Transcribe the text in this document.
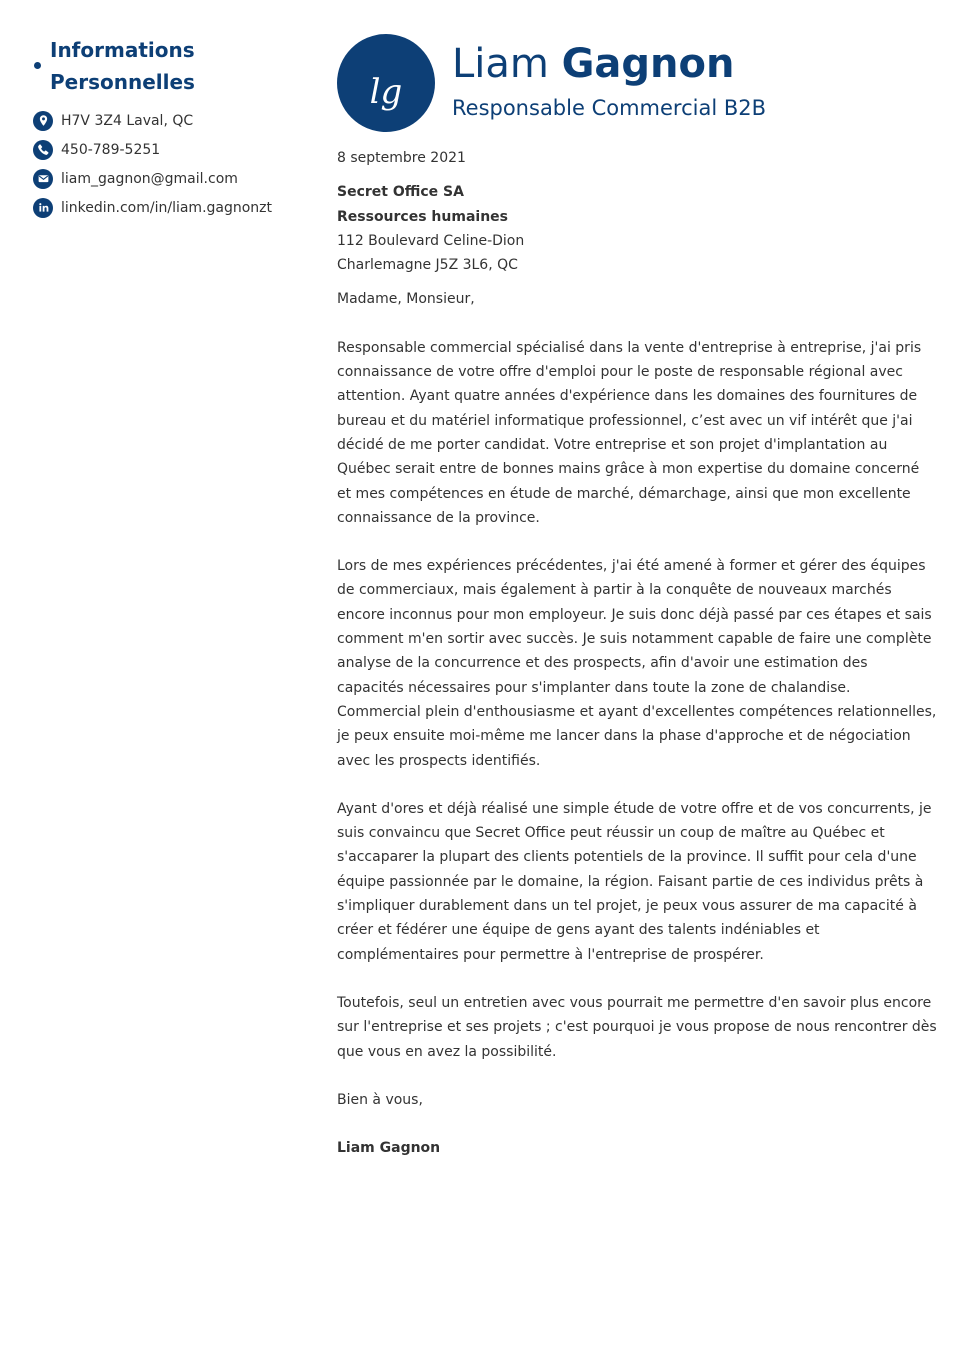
Informations Personnelles
H7V 3Z4 Laval, QC
450-789-5251
liam_gagnon@gmail.com
linkedin.com/in/liam.gagnonzt
lg
Liam Gagnon
Responsable Commercial B2B

8 septembre 2021

Secret Office SA

Ressources humaines

112 Boulevard Celine-Dion

Charlemagne J5Z 3L6, QC

Madame, Monsieur,

Responsable commercial spécialisé dans la vente d'entreprise à entreprise, j'ai pris connaissance de votre offre d'emploi pour le poste de responsable régional avec attention. Ayant quatre années d'expérience dans les domaines des fournitures de bureau et du matériel informatique professionnel, c’est avec un vif intérêt que j'ai décidé de me porter candidat. Votre entreprise et son projet d'implantation au Québec serait entre de bonnes mains grâce à mon expertise du domaine concerné et mes compétences en étude de marché, démarchage, ainsi que mon excellente connaissance de la province.

Lors de mes expériences précédentes, j'ai été amené à former et gérer des équipes de commerciaux, mais également à partir à la conquête de nouveaux marchés encore inconnus pour mon employeur. Je suis donc déjà passé par ces étapes et sais comment m'en sortir avec succès. Je suis notamment capable de faire une complète analyse de la concurrence et des prospects, afin d'avoir une estimation des capacités nécessaires pour s'implanter dans toute la zone de chalandise. Commercial plein d'enthousiasme et ayant d'excellentes compétences relationnelles, je peux ensuite moi-même me lancer dans la phase d'approche et de négociation avec les prospects identifiés.

Ayant d'ores et déjà réalisé une simple étude de votre offre et de vos concurrents, je suis convaincu que Secret Office peut réussir un coup de maître au Québec et s'accaparer la plupart des clients potentiels de la province. Il suffit pour cela d'une équipe passionnée par le domaine, la région. Faisant partie de ces individus prêts à s'impliquer durablement dans un tel projet, je peux vous assurer de ma capacité à créer et fédérer une équipe de gens ayant des talents indéniables et complémentaires pour permettre à l'entreprise de prospérer.

Toutefois, seul un entretien avec vous pourrait me permettre d'en savoir plus encore sur l'entreprise et ses projets ; c'est pourquoi je vous propose de nous rencontrer dès que vous en avez la possibilité.

Bien à vous,

Liam Gagnon
